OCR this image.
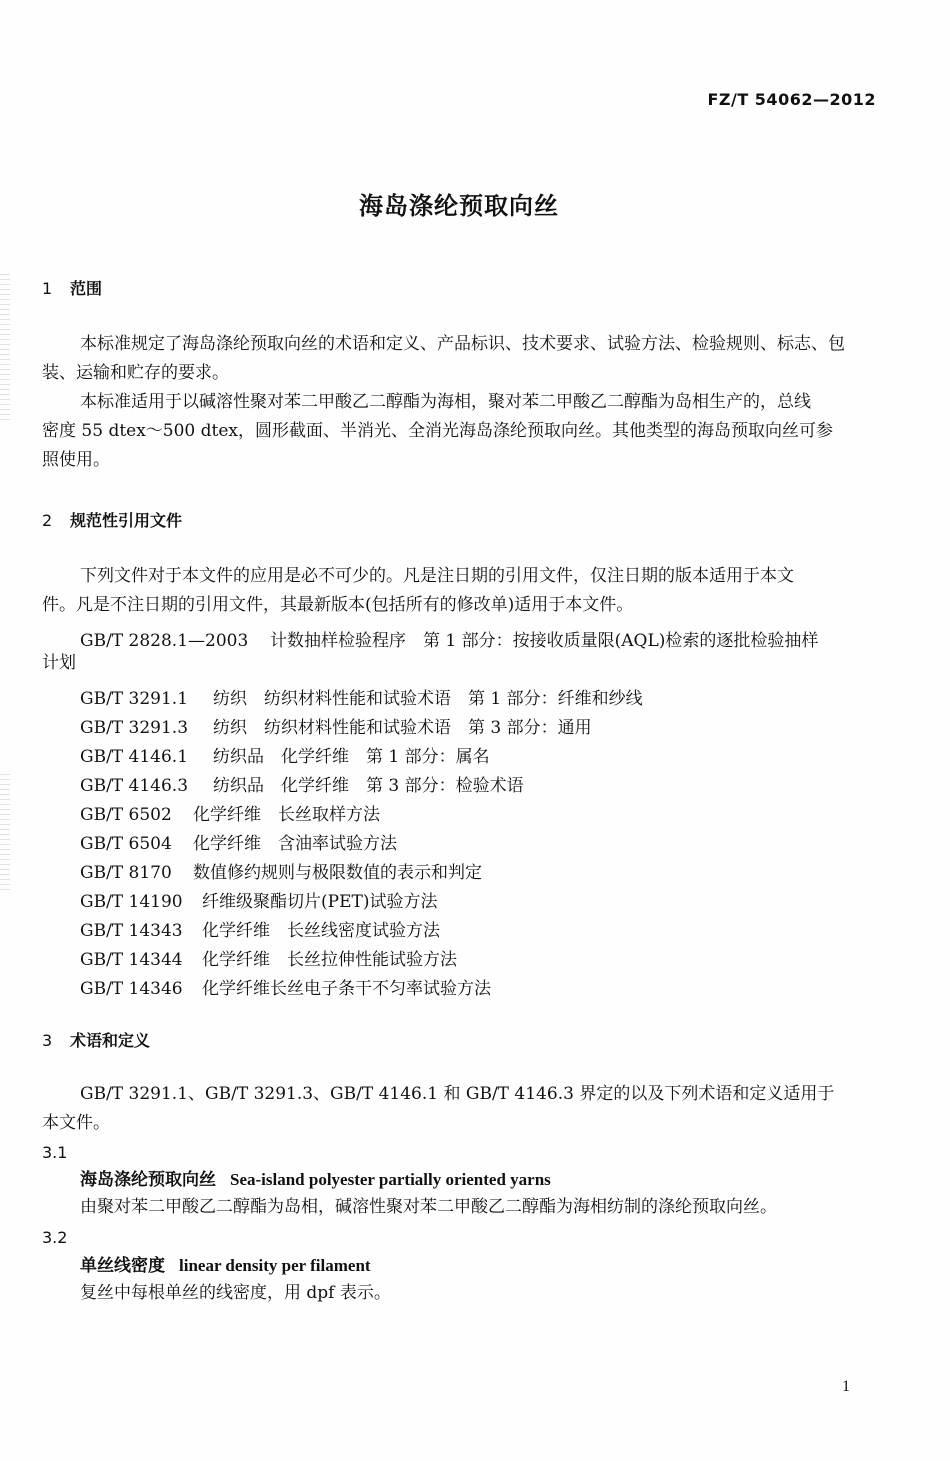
FZ/T 54062—2012
海岛涤纶预取向丝
1 范围
本标准规定了海岛涤纶预取向丝的术语和定义、产品标识、技术要求、试验方法、检验规则、标志、包
装、运输和贮存的要求。
本标准适用于以碱溶性聚对苯二甲酸乙二醇酯为海相，聚对苯二甲酸乙二醇酯为岛相生产的，总线
密度 55 dtex～500 dtex，圆形截面、半消光、全消光海岛涤纶预取向丝。其他类型的海岛预取向丝可参
照使用。
2 规范性引用文件
下列文件对于本文件的应用是必不可少的。凡是注日期的引用文件，仅注日期的版本适用于本文
件。凡是不注日期的引用文件，其最新版本(包括所有的修改单)适用于本文件。
GB/T 2828.1—2003 计数抽样检验程序　第 1 部分：按接收质量限(AQL)检索的逐批检验抽样
计划
GB/T 3291.1 纺织　纺织材料性能和试验术语　第 1 部分：纤维和纱线
GB/T 3291.3 纺织　纺织材料性能和试验术语　第 3 部分：通用
GB/T 4146.1 纺织品　化学纤维　第 1 部分：属名
GB/T 4146.3 纺织品　化学纤维　第 3 部分：检验术语
GB/T 6502 化学纤维　长丝取样方法
GB/T 6504 化学纤维　含油率试验方法
GB/T 8170 数值修约规则与极限数值的表示和判定
GB/T 14190 纤维级聚酯切片(PET)试验方法
GB/T 14343 化学纤维　长丝线密度试验方法
GB/T 14344 化学纤维　长丝拉伸性能试验方法
GB/T 14346 化学纤维长丝电子条干不匀率试验方法
3 术语和定义
GB/T 3291.1、GB/T 3291.3、GB/T 4146.1 和 GB/T 4146.3 界定的以及下列术语和定义适用于
本文件。
3.1
海岛涤纶预取向丝 Sea-island polyester partially oriented yarns
由聚对苯二甲酸乙二醇酯为岛相，碱溶性聚对苯二甲酸乙二醇酯为海相纺制的涤纶预取向丝。
3.2
单丝线密度 linear density per filament
复丝中每根单丝的线密度，用 dpf 表示。
1
